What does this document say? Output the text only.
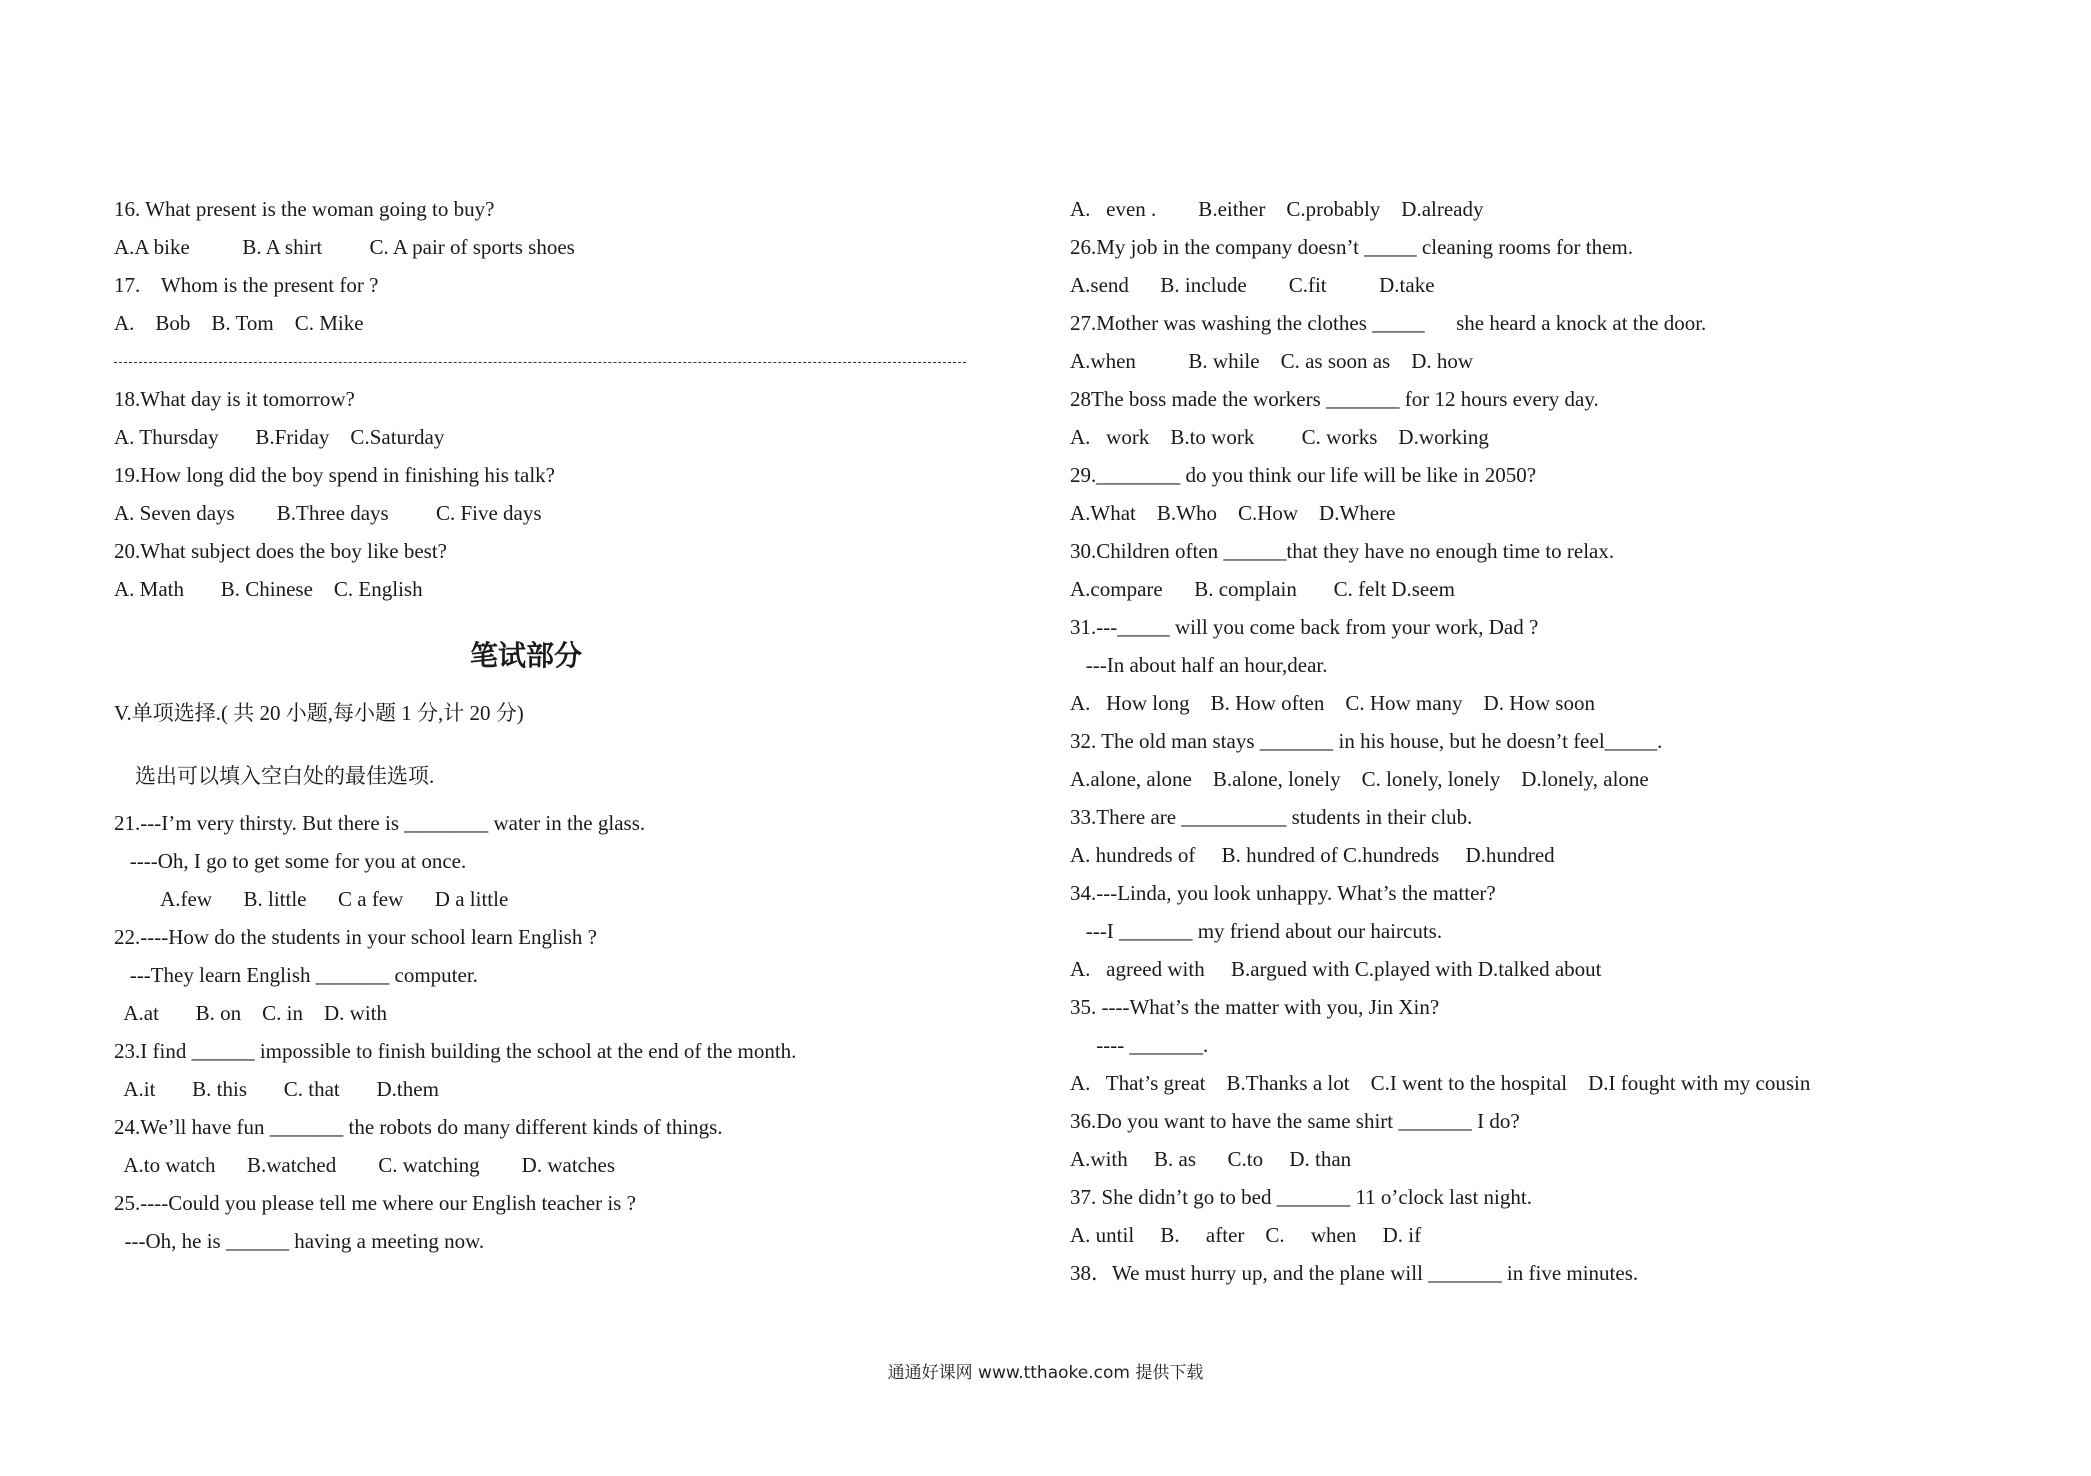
16. What present is the woman going to buy?
A.A bike          B. A shirt         C. A pair of sports shoes
17.    Whom is the present for ?
A.    Bob    B. Tom    C. Mike
18.What day is it tomorrow?
A. Thursday       B.Friday    C.Saturday
19.How long did the boy spend in finishing his talk?
A. Seven days        B.Three days         C. Five days
20.What subject does the boy like best?
A. Math       B. Chinese    C. English
笔试部分
V.单项选择.( 共 20 小题,每小题 1 分,计 20 分)
选出可以填入空白处的最佳选项.
21.---I’m very thirsty. But there is ________ water in the glass.
----Oh, I go to get some for you at once.
A.few      B. little      C a few      D a little
22.----How do the students in your school learn English ?
---They learn English _______ computer.
A.at       B. on    C. in    D. with
23.I find ______ impossible to finish building the school at the end of the month.
A.it       B. this       C. that       D.them
24.We’ll have fun _______ the robots do many different kinds of things.
A.to watch      B.watched        C. watching        D. watches
25.----Could you please tell me where our English teacher is ?
---Oh, he is ______ having a meeting now.
A.   even .        B.either    C.probably    D.already
26.My job in the company doesn’t _____ cleaning rooms for them.
A.send      B. include        C.fit          D.take
27.Mother was washing the clothes _____      she heard a knock at the door.
A.when          B. while    C. as soon as    D. how
28The boss made the workers _______ for 12 hours every day.
A.   work    B.to work         C. works    D.working
29.________ do you think our life will be like in 2050?
A.What    B.Who    C.How    D.Where
30.Children often ______that they have no enough time to relax.
A.compare      B. complain       C. felt D.seem
31.---_____ will you come back from your work, Dad ?
---In about half an hour,dear.
A.   How long    B. How often    C. How many    D. How soon
32. The old man stays _______ in his house, but he doesn’t feel_____.
A.alone, alone    B.alone, lonely    C. lonely, lonely    D.lonely, alone
33.There are __________ students in their club.
A. hundreds of     B. hundred of C.hundreds     D.hundred
34.---Linda, you look unhappy. What’s the matter?
---I _______ my friend about our haircuts.
A.   agreed with     B.argued with C.played with D.talked about
35. ----What’s the matter with you, Jin Xin?
---- _______.
A.   That’s great    B.Thanks a lot    C.I went to the hospital    D.I fought with my cousin
36.Do you want to have the same shirt _______ I do?
A.with     B. as      C.to     D. than
37. She didn’t go to bed _______ 11 o’clock last night.
A. until     B.     after    C.     when     D. if
38．We must hurry up, and the plane will _______ in five minutes.
通通好课网 www.tthaoke.com 提供下载
